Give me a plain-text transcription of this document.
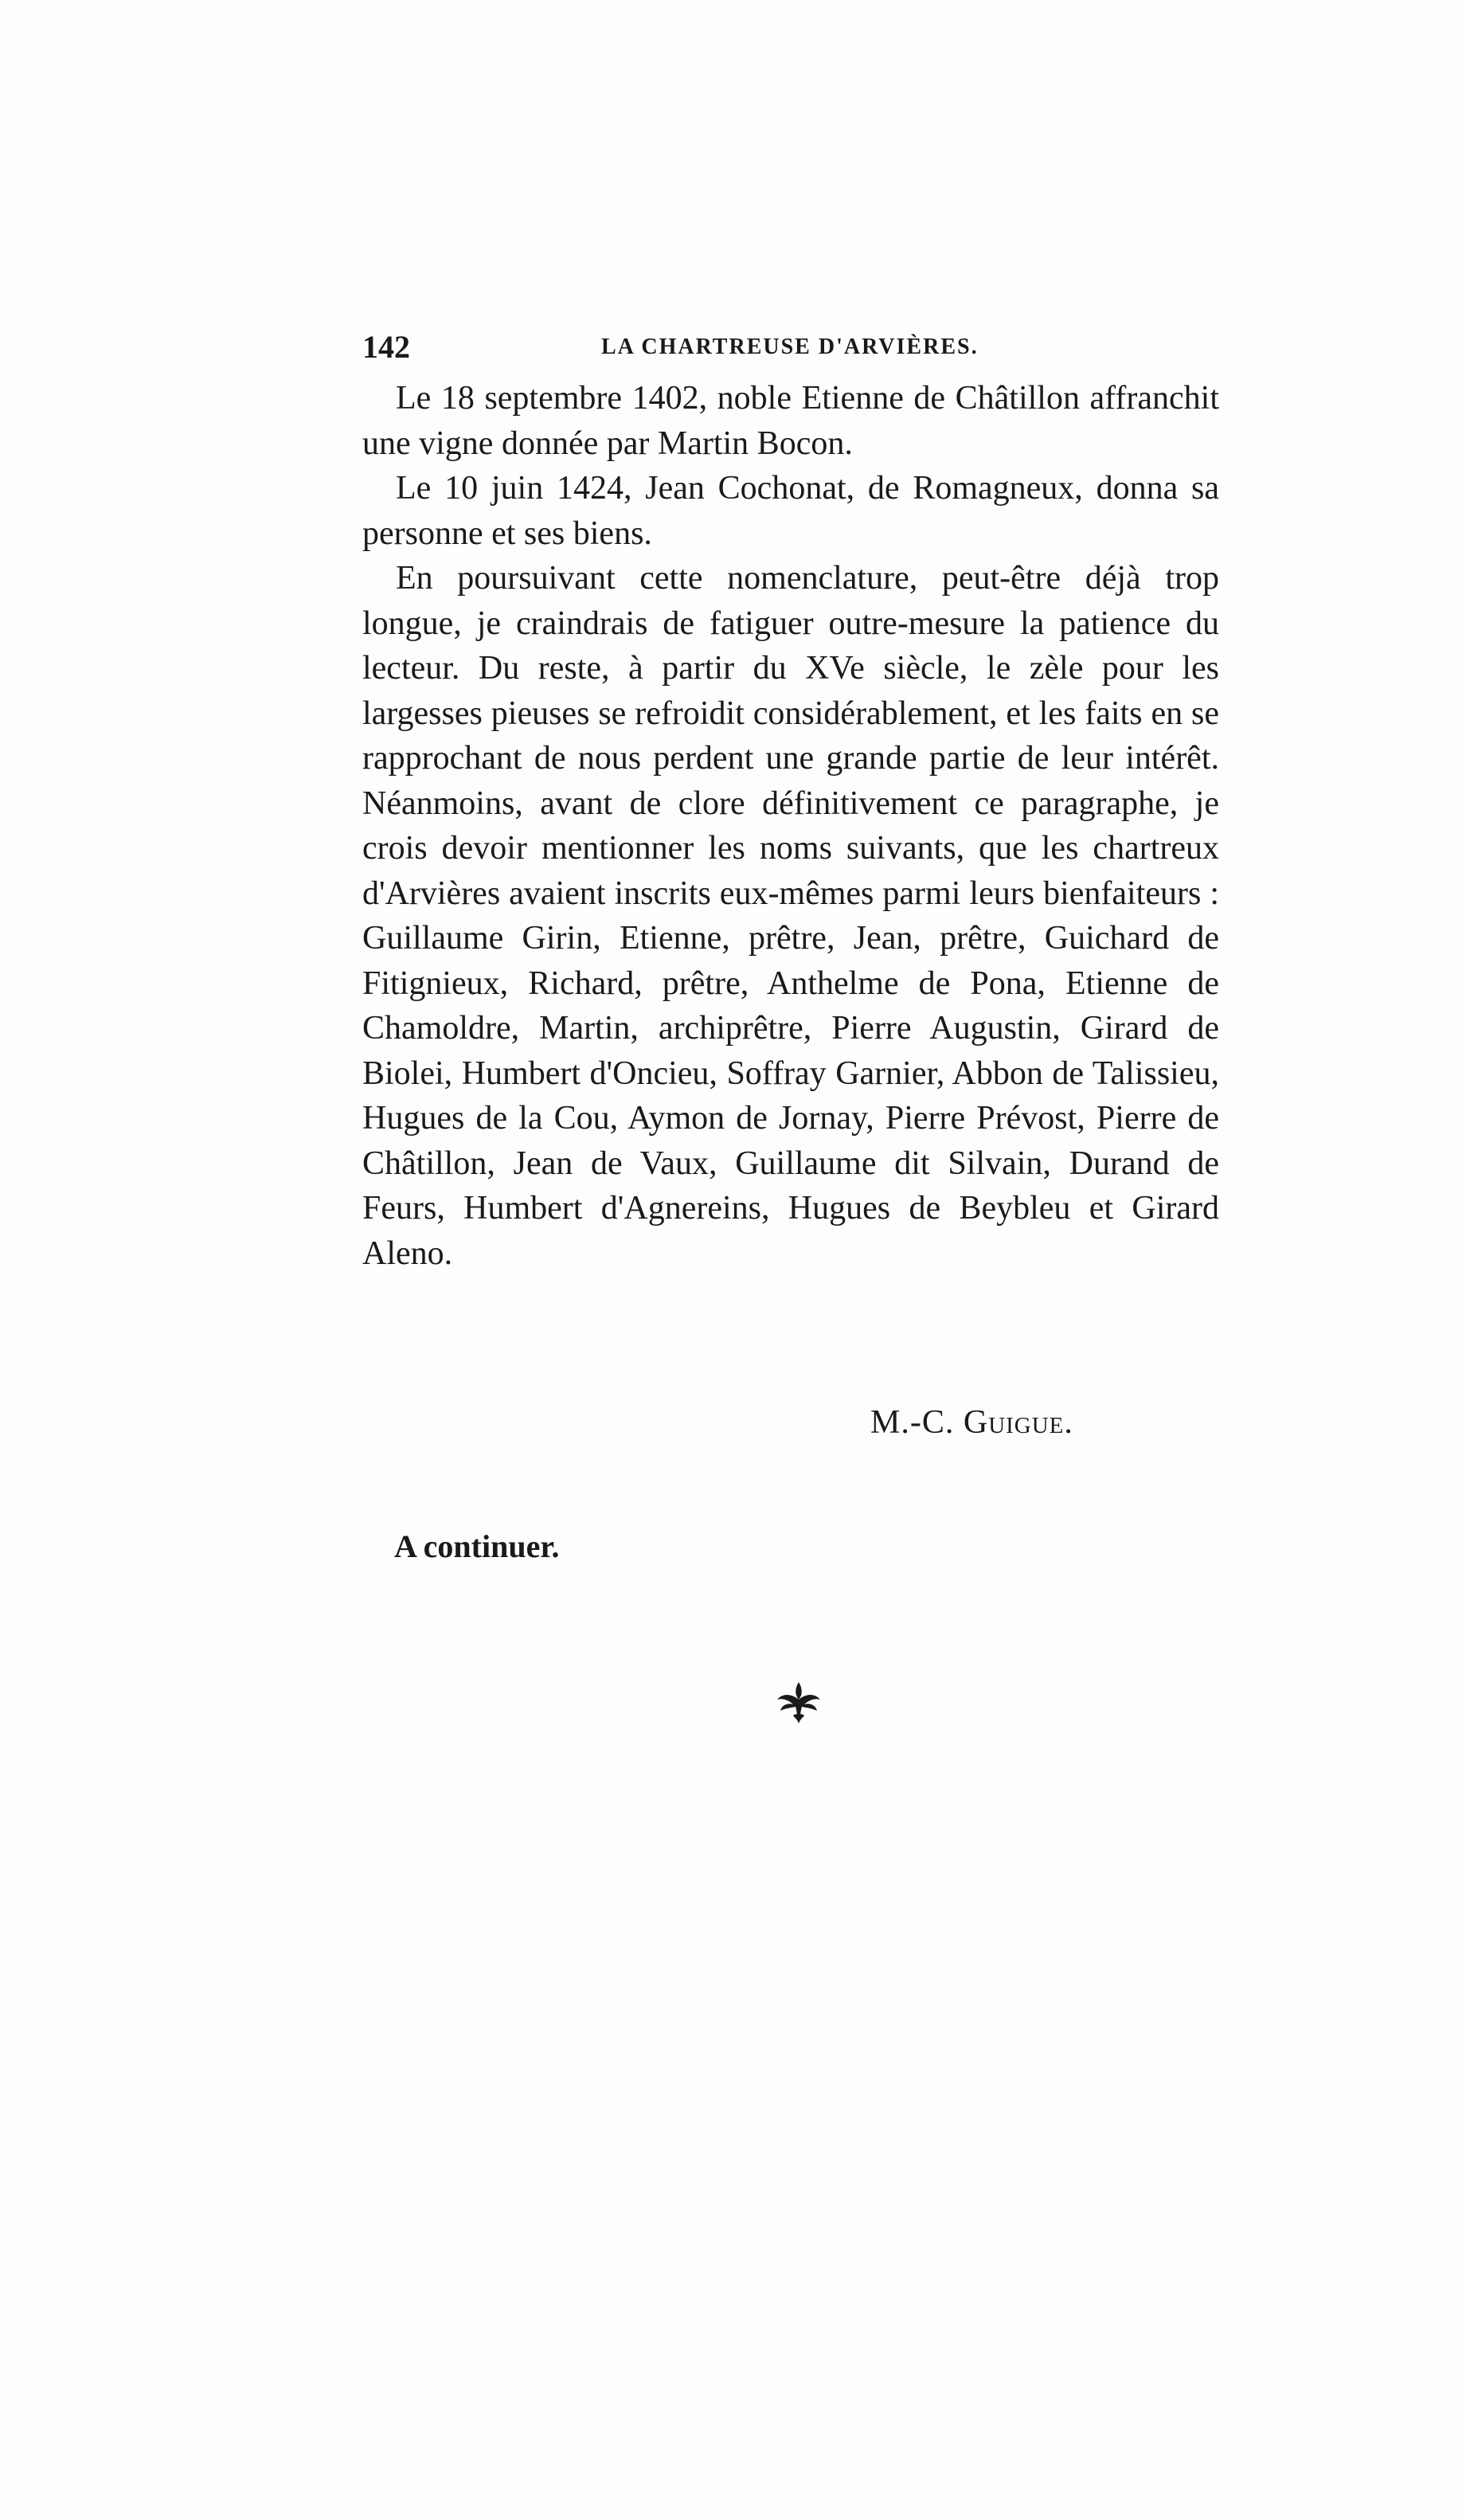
142	LA CHARTREUSE D'ARVIÈRES.

Le 18 septembre 1402, noble Etienne de Châtillon affranchit une vigne donnée par Martin Bocon.

Le 10 juin 1424, Jean Cochonat, de Romagneux, donna sa personne et ses biens.

En poursuivant cette nomenclature, peut-être déjà trop longue, je craindrais de fatiguer outre-mesure la patience du lecteur. Du reste, à partir du XVe siècle, le zèle pour les largesses pieuses se refroidit considérablement, et les faits en se rapprochant de nous perdent une grande partie de leur intérêt. Néanmoins, avant de clore définitivement ce paragraphe, je crois devoir mentionner les noms suivants, que les chartreux d'Arvières avaient inscrits eux-mêmes parmi leurs bienfaiteurs : Guillaume Girin, Etienne, prêtre, Jean, prêtre, Guichard de Fitignieux, Richard, prêtre, Anthelme de Pona, Etienne de Chamoldre, Martin, archiprêtre, Pierre Augustin, Girard de Biolei, Humbert d'Oncieu, Soffray Garnier, Abbon de Talissieu, Hugues de la Cou, Aymon de Jornay, Pierre Prévost, Pierre de Châtillon, Jean de Vaux, Guillaume dit Silvain, Durand de Feurs, Humbert d'Agnereins, Hugues de Beybleu et Girard Aleno.

M.-C. Guigue.
A continuer.
